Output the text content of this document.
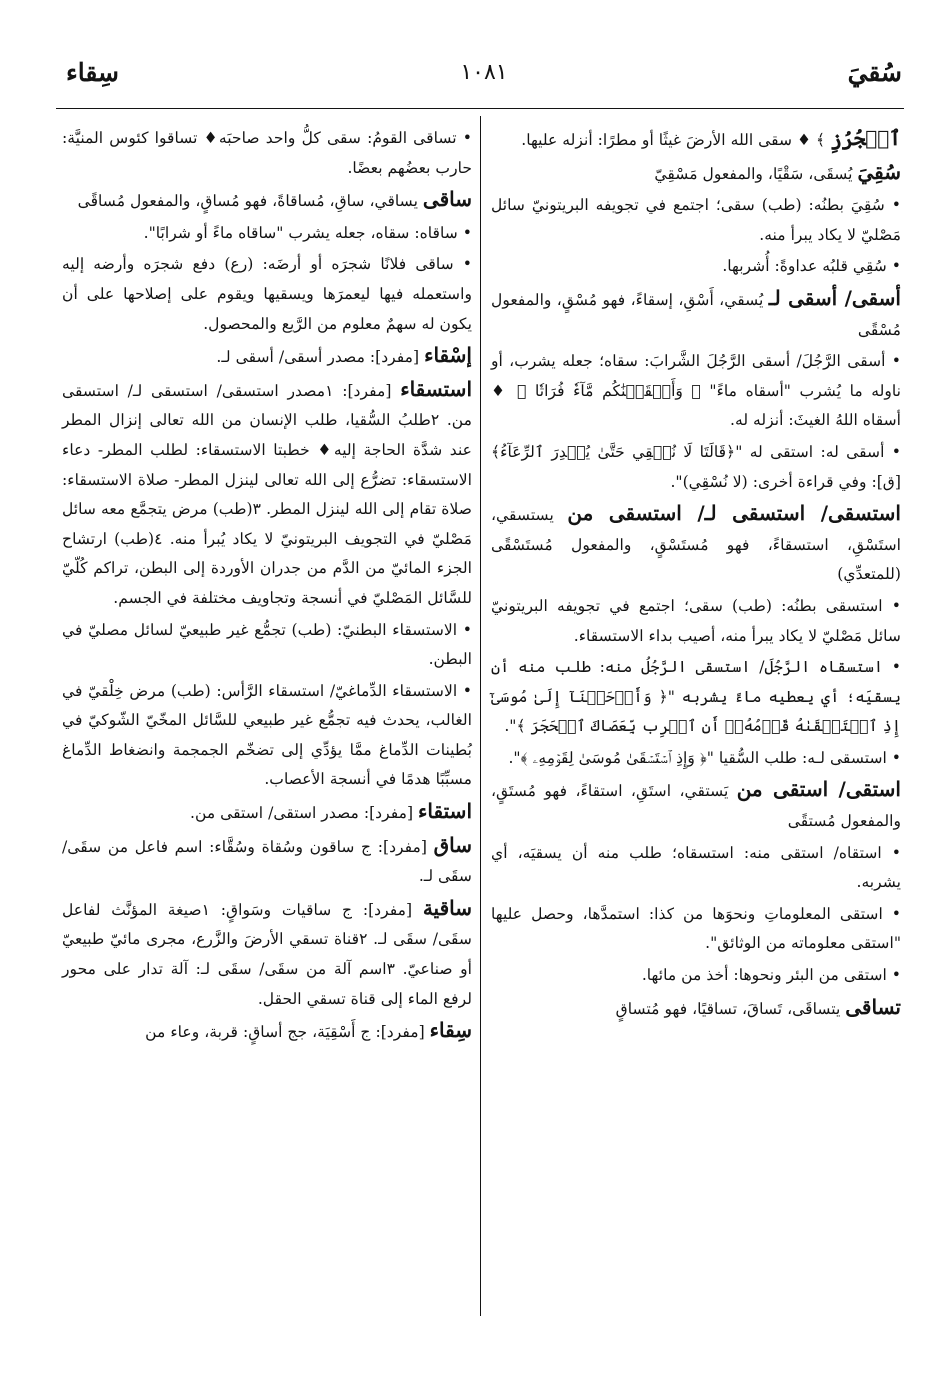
سُقيَ
١٠٨١
سِقاء

ٱلۡجُرُزِ ﴾ ♦ سقى الله الأرضَ غيثًا أو مطرًا: أنزله عليها.

سُقِيَ يُسقَى، سَقْيًا، والمفعول مَسْقِيّ

• سُقِيَ بطنُه: (طب) سقى؛ اجتمع في تجويفه البريتونيّ سائل مَصْليّ لا يكاد يبرأ منه.

• سُقِي قلبُه عداوةً: أُشربها.

أسقى/ أسقى لـ يُسقي، أَسْقِ، إسقاءً، فهو مُسْقٍ، والمفعول مُسْقًى

• أسقى الرَّجُلَ/ أسقى الرَّجُلَ الشَّرابَ: سقاه؛ جعله يشرب، أو ناوله ما يُشرب "أسقاه ماءً" ﴿ وَأَسۡقَيۡنَٰكُم مَّآءٗ فُرَاتٗا ﴾ ♦ أسقاه اللهُ الغيثَ: أنزله له.

• أسقى له: استقى له "﴿قَالَتَا لَا نُسۡقِي حَتَّىٰ يُصۡدِرَ ٱلرِّعَآءُ﴾ [ق]: وفي قراءة أخرى: (لا نُسْقِي)".

استسقى/ استسقى لـ/ استسقى من يستسقي، استَسْقِ، استسقاءً، فهو مُستَسْقٍ، والمفعول مُستَسْقًى (للمتعدِّي)

• استسقى بطنُه: (طب) سقى؛ اجتمع في تجويفه البريتونيّ سائل مَصْليّ لا يكاد يبرأ منه، أصيب بداء الاستسقاء.

• استسقاه الرَّجُلَ/ استسقى الرَّجُلُ منه: طلب منه أن يسقيَه؛ أي يعطيه ماءً يشربه "﴿ وَأَوۡحَيۡنَآ إِلَىٰ مُوسَىٰٓ إِذِ ٱسۡتَسۡقَىٰهُ قَوۡمُهُۥٓ أَنِ ٱضۡرِب بِّعَصَاكَ ٱلۡحَجَرَ ﴾".

• استسقى لـه: طلب السُّقيا "﴿ وَإِذِ ٱسۡتَسۡقَىٰ مُوسَىٰ لِقَوۡمِهِۦ ﴾".

استقى/ استقى من يَستقي، استَقِ، استقاءً، فهو مُستَقٍ، والمفعول مُستقًى

• استقاه/ استقى منه: استسقاه؛ طلب منه أن يسقيَه، أي يشربه.

• استقى المعلوماتِ ونحوَها من كذا: استمدَّها، وحصل عليها "استقى معلوماته من الوثائق".

• استقى من البئر ونحوها: أخذ من مائها.

تساقى يتساقَى، تَساقَ، تساقيًا، فهو مُتساقٍ

• تساقى القومُ: سقى كلُّ واحد صاحبَه♦ تساقوا كئوس المنيَّة: حارب بعضُهم بعضًا.

ساقى يساقي، ساقِ، مُساقاةً، فهو مُساقٍ، والمفعول مُساقًى

• ساقاه: سقاه، جعله يشرب "ساقاه ماءً أو شرابًا".

• ساقى فلانًا شجرَه أو أرضَه: (رع) دفع شجرَه وأرضه إليه واستعمله فيها ليعمرَها ويسقيها ويقوم على إصلاحها على أن يكون له سهمٌ معلوم من الرَّيع والمحصول.

إسْقاء [مفرد]: مصدر أسقى/ أسقى لـ.

استسقاء [مفرد]: ١مصدر استسقى/ استسقى لـ/ استسقى من. ٢طلبُ السُّقيا، طلب الإنسان من الله تعالى إنزال المطر عند شدَّة الحاجة إليه♦ خطبتا الاستسقاء: لطلب المطر- دعاء الاستسقاء: تضرُّع إلى الله تعالى لينزل المطر- صلاة الاستسقاء: صلاة تقام إلى الله لينزل المطر. ٣(طب) مرض يتجمَّع معه سائل مَصْليّ في التجويف البريتونيّ لا يكاد يُبرأ منه. ٤(طب) ارتشاح الجزء المائيّ من الدَّم من جدران الأوردة إلى البطن، تراكم كُلّيّ للسَّائل المَصْليّ في أنسجة وتجاويف مختلفة في الجسم.

• الاستسقاء البطنيّ: (طب) تجمُّع غير طبيعيّ لسائل مصليّ في البطن.

• الاستسقاء الدِّماغيّ/ استسقاء الرَّأس: (طب) مرض خِلْقيّ في الغالب، يحدث فيه تجمُّع غير طبيعي للسَّائل المخّيّ الشّوكيّ في بُطينات الدِّماغ ممَّا يؤدِّي إلى تضخّم الجمجمة وانضغاط الدِّماغ مسبِّبًا هدمًا في أنسجة الأعصاب.

استقاء [مفرد]: مصدر استقى/ استقى من.

ساق [مفرد]: ج ساقون وسُقاة وسُقَّاء: اسم فاعل من سقَى/ سقَى لـ.

ساقية [مفرد]: ج ساقيات وسَواقٍ: ١صيغة المؤنَّث لفاعل سقَى/ سقَى لـ. ٢قناة تسقي الأرضَ والزَّرع، مجرى مائيّ طبيعيّ أو صناعيّ. ٣اسم آلة من سقَى/ سقَى لـ: آلة تدار على محور لرفع الماء إلى قناة تسقي الحقل.

سِقاء [مفرد]: ج أَسْقِيَة، جج أساقٍ: قربة، وعاء من
